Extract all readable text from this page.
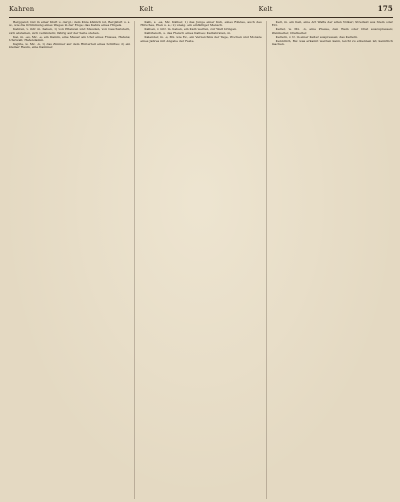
Kahren	Kelt	Kelt	175

Berggeist; Gut in einer Kluft u. dergl.; dem Knie ähnlich ist, Bergkluft u. s. w., wie die Krümmung eines Weges in der Enge; das Kahre eines Hügels.

Kahren, v. intr. m. haben, 1) von Pflanzen und Stauden, von Geschwistern, sich abziehen, sich verändern; fährig auf der Seite stehen.

Kai, m. -es, Mz. -e, ein Damm, eine Mauer am Ufer eines Flusses, Hafens; Uferwall; Hafendamm.

Kajüte, w. Mz. -n, 1) das Zimmer auf dem Hinterteil eines Schiffes; 2) ein kleiner Raum, eine Kammer.

Kalb, s. -es, Mz. Kälber, 1) das Junge einer Kuh, eines Rindes, auch des Hirsches, Elen u. a.; 2) uneig. ein einfältiger Mensch.

Kalben, v. intr. m. haben, ein Kalb werfen, zur Welt bringen.

Kalbfleisch, s. das Fleisch eines Kalbes; Kalbsbraten, m.

Kalender, m. -s, Mz. wie Ez., ein Verzeichnis der Tage, Wochen und Monate eines Jahres mit Angabe der Feste.

Kelt, m. ein Keil, eine Art Waffe der alten Völker; Streitaxt aus Stein oder Erz.

Kelter, w. Mz. -n, eine Presse, den Wein oder Obst auszupressen; Weinkelter, Obstkelter.

Keltern, v. tr. in einer Kelter auspressen; das Keltern.

Kenntlich, Bw. was erkannt werden kann, leicht zu erkennen ist; kenntlich machen.
